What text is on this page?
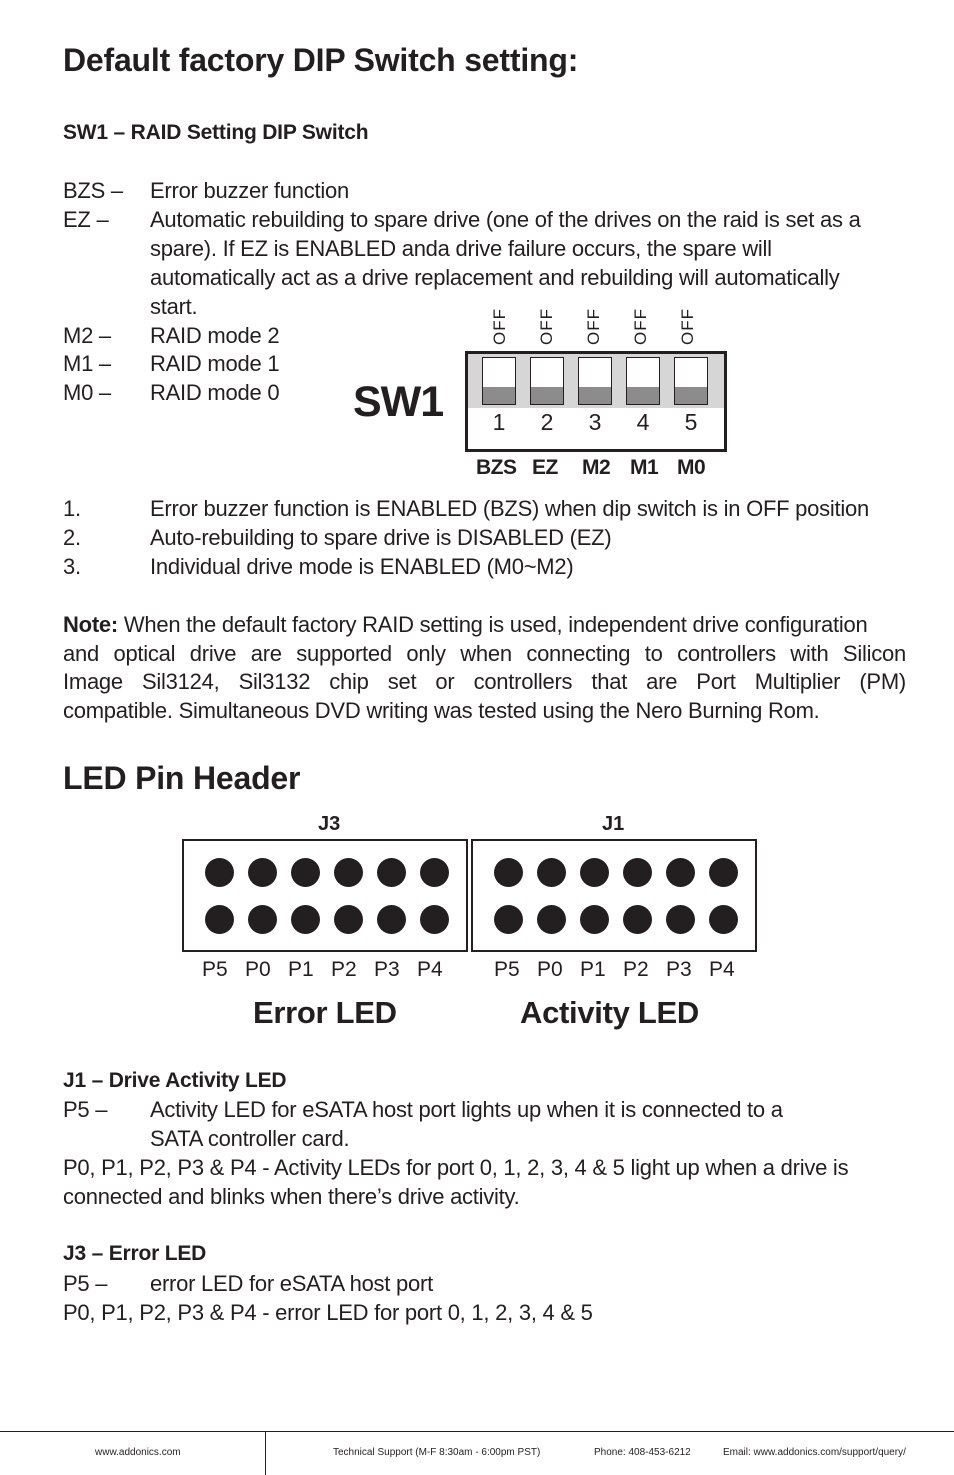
Default factory DIP Switch setting:
SW1 – RAID Setting DIP Switch
BZS – Error buzzer function
EZ – Automatic rebuilding to spare drive (one of the drives on the raid is set as a
spare). If EZ is ENABLED anda drive failure occurs, the spare will
automatically act as a drive replacement and rebuilding will automatically
start.
M2 – RAID mode 2
M1 – RAID mode 1
M0 – RAID mode 0 SW1
OFF OFF OFF OFF OFF
1	2	3	4	5
BZS EZ M2 M1 M0
1.	Error buzzer function is ENABLED (BZS) when dip switch is in OFF position
2.	Auto-rebuilding to spare drive is DISABLED (EZ)
3.	Individual drive mode is ENABLED (M0~M2)
Note: When the default factory RAID setting is used, independent drive configuration
and optical drive are supported only when connecting to controllers with Silicon
Image Sil3124, Sil3132 chip set or controllers that are Port Multiplier (PM)
compatible. Simultaneous DVD writing was tested using the Nero Burning Rom.
LED Pin Header
J3	J1
P5 P0 P1 P2 P3 P4 P5 P0 P1 P2 P3 P4
Error LED	Activity LED
J1 – Drive Activity LED
P5 – Activity LED for eSATA host port lights up when it is connected to a
SATA controller card.
P0, P1, P2, P3 & P4 - Activity LEDs for port 0, 1, 2, 3, 4 & 5 light up when a drive is
connected and blinks when there’s drive activity.
J3 – Error LED
P5 – error LED for eSATA host port
P0, P1, P2, P3 & P4 - error LED for port 0, 1, 2, 3, 4 & 5
www.addonics.com	Technical Support (M-F 8:30am - 6:00pm PST)	Phone: 408-453-6212	Email: www.addonics.com/support/query/
